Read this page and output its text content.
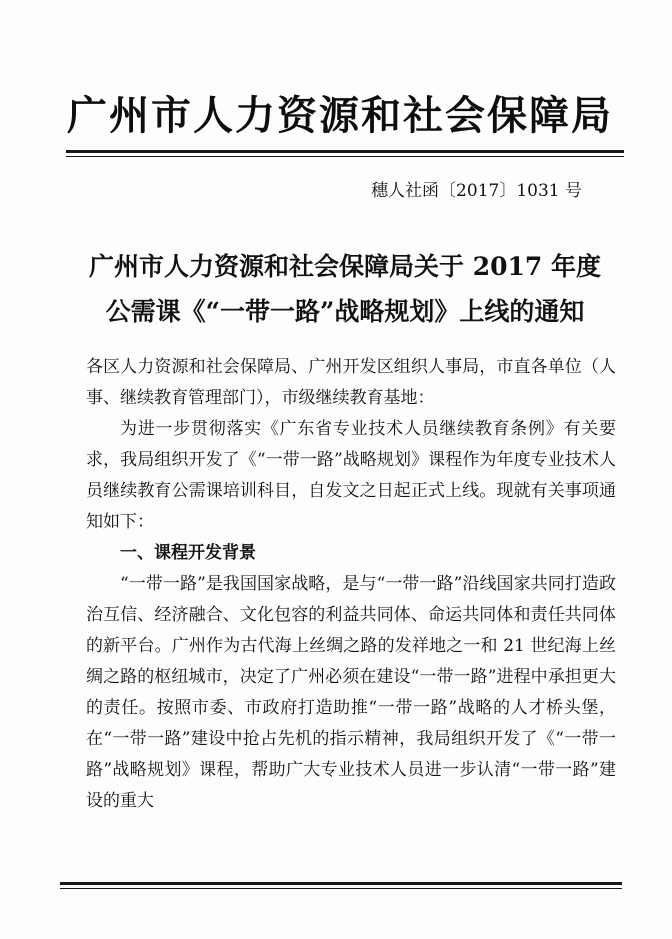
广州市人力资源和社会保障局
穗人社函〔2017〕1031 号
广州市人力资源和社会保障局关于 2017 年度
公需课《“一带一路”战略规划》上线的通知

各区人力资源和社会保障局、广州开发区组织人事局，市直各单位（人事、继续教育管理部门），市级继续教育基地：

为进一步贯彻落实《广东省专业技术人员继续教育条例》有关要求，我局组织开发了《“一带一路”战略规划》课程作为年度专业技术人员继续教育公需课培训科目，自发文之日起正式上线。现就有关事项通知如下：

一、课程开发背景

“一带一路”是我国国家战略，是与“一带一路”沿线国家共同打造政治互信、经济融合、文化包容的利益共同体、命运共同体和责任共同体的新平台。广州作为古代海上丝绸之路的发祥地之一和 21 世纪海上丝绸之路的枢纽城市，决定了广州必须在建设“一带一路”进程中承担更大的责任。按照市委、市政府打造助推“一带一路”战略的人才桥头堡，在“一带一路”建设中抢占先机的指示精神，我局组织开发了《“一带一路”战略规划》课程，帮助广大专业技术人员进一步认清“一带一路”建设的重大
